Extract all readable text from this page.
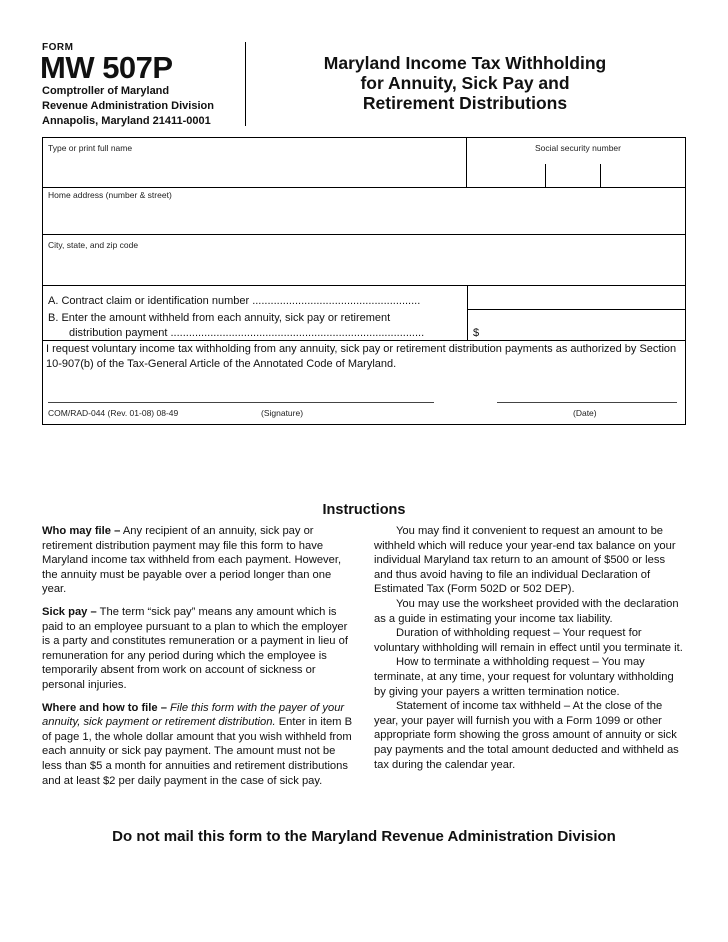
FORM
MW 507P
Comptroller of Maryland
Revenue Administration Division
Annapolis, Maryland 21411-0001
Maryland Income Tax Withholding
for Annuity, Sick Pay and
Retirement Distributions
Type or print full name	Social security number
Home address (number & street)
City, state, and zip code
A. Contract claim or identification number .......................................................
B. Enter the amount withheld from each annuity, sick pay or retirement
distribution payment ...................................................................................	$
I request voluntary income tax withholding from any annuity, sick pay or retirement distribution payments as authorized by Section 10-907(b) of the Tax-General Article of the Annotated Code of Maryland.
COM/RAD-044 (Rev. 01-08) 08-49	(Signature)	(Date)
Instructions

Who may file – Any recipient of an annuity, sick pay or retirement distribution payment may file this form to have Maryland income tax withheld from each payment. However, the annuity must be payable over a period longer than one year.

Sick pay – The term “sick pay” means any amount which is paid to an employee pursuant to a plan to which the employer is a party and constitutes remuneration or a payment in lieu of remuneration for any period during which the employee is temporarily absent from work on account of sickness or personal injuries.

Where and how to file – File this form with the payer of your annuity, sick payment or retirement distribution. Enter in item B of page 1, the whole dollar amount that you wish withheld from each annuity or sick pay payment. The amount must not be less than $5 a month for annuities and retirement distributions and at least $2 per daily payment in the case of sick pay.

You may find it convenient to request an amount to be withheld which will reduce your year-end tax balance on your individual Maryland tax return to an amount of $500 or less and thus avoid having to file an individual Declaration of Estimated Tax (Form 502D or 502 DEP).

You may use the worksheet provided with the declaration as a guide in estimating your income tax liability.

Duration of withholding request – Your request for voluntary withholding will remain in effect until you terminate it.

How to terminate a withholding request – You may terminate, at any time, your request for voluntary withholding by giving your payers a written termination notice.

Statement of income tax withheld – At the close of the year, your payer will furnish you with a Form 1099 or other appropriate form showing the gross amount of annuity or sick pay payments and the total amount deducted and withheld as tax during the calendar year.

Do not mail this form to the Maryland Revenue Administration Division
